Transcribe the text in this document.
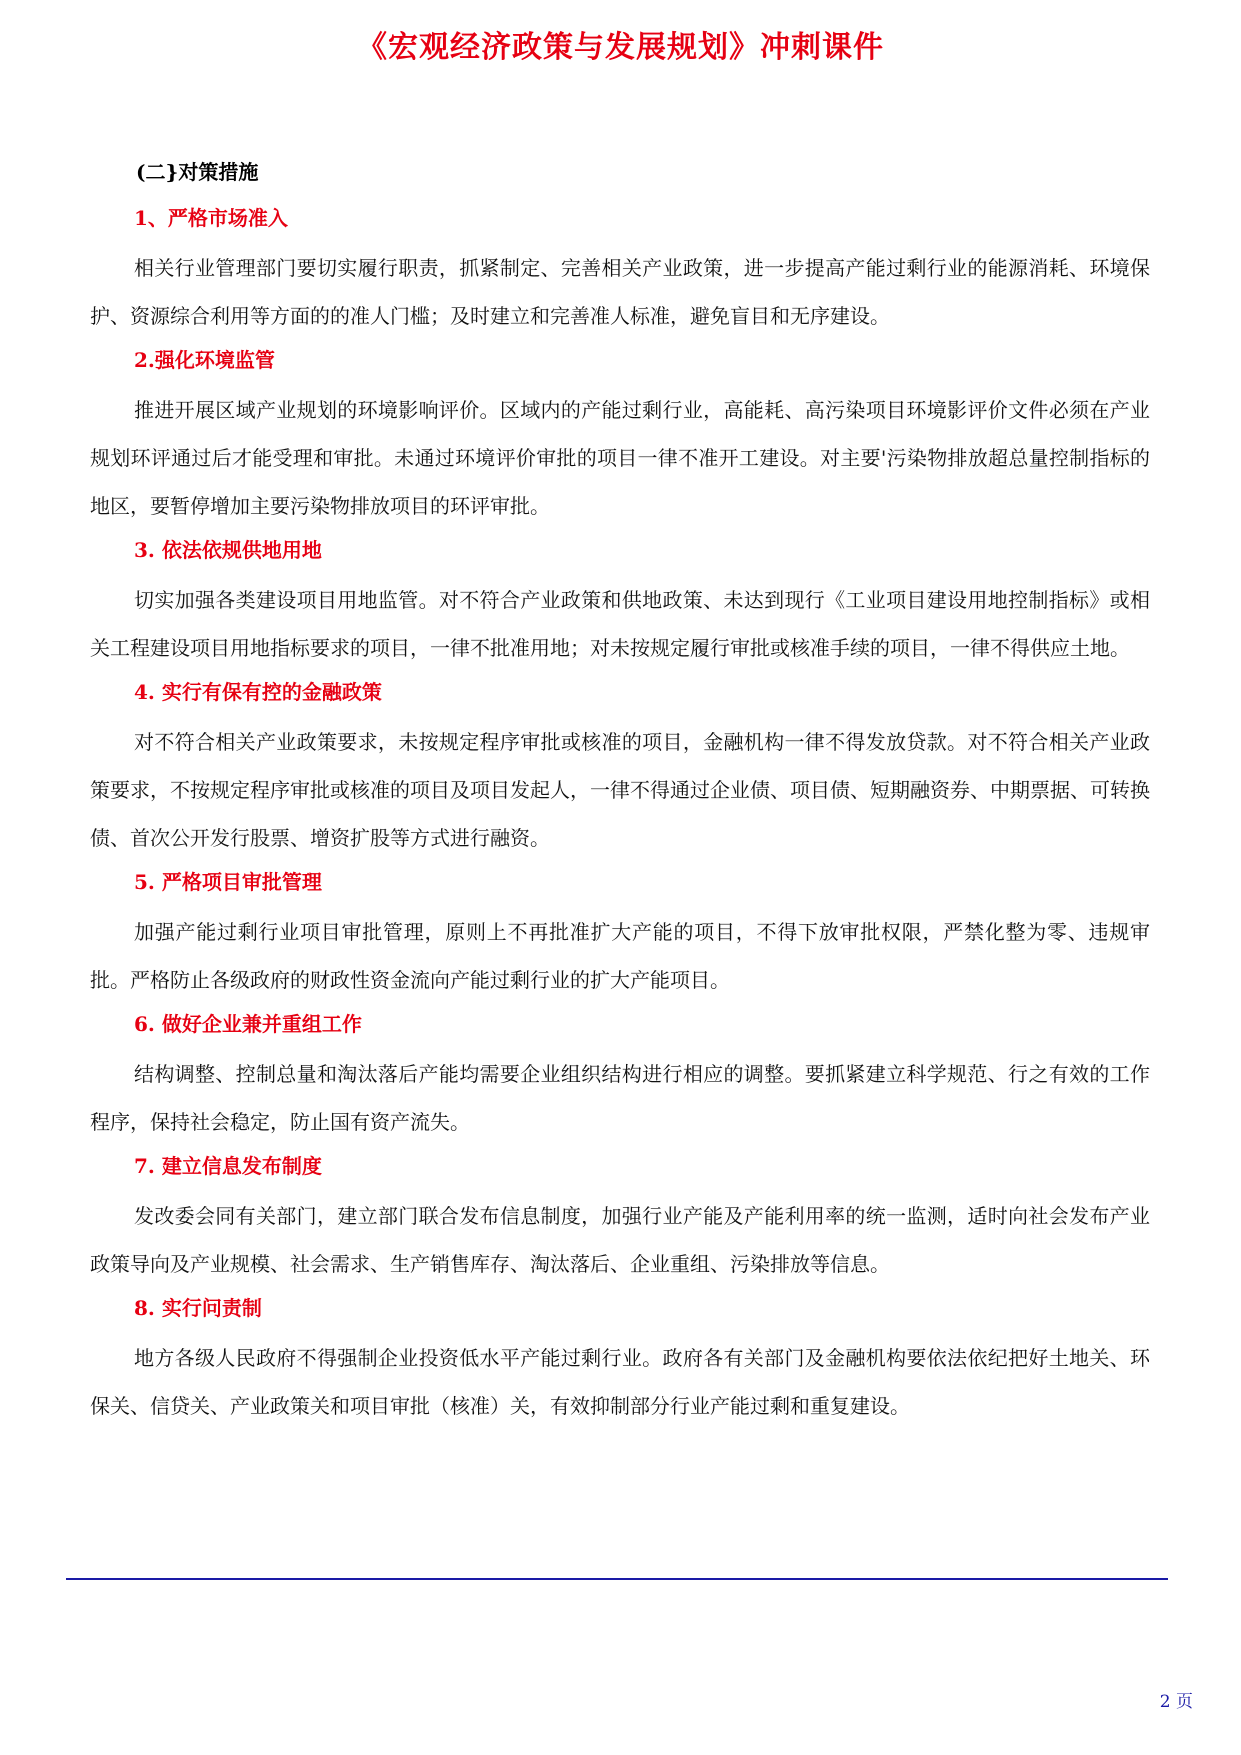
《宏观经济政策与发展规划》冲刺课件
(二}对策措施
1、严格市场准入

相关行业管理部门要切实履行职责，抓紧制定、完善相关产业政策，进一步提高产能过剩行业的能源消耗、环境保护、资源综合利用等方面的的准人门槛；及时建立和完善准人标准，避免盲目和无序建设。

2.强化环境监管

推进开展区域产业规划的环境影响评价。区域内的产能过剩行业，高能耗、高污染项目环境影评价文件必须在产业规划环评通过后才能受理和审批。未通过环境评价审批的项目一律不准开工建设。对主要'污染物排放超总量控制指标的地区，要暂停增加主要污染物排放项目的环评审批。

3. 依法依规供地用地

切实加强各类建设项目用地监管。对不符合产业政策和供地政策、未达到现行《工业项目建设用地控制指标》或相关工程建设项目用地指标要求的项目，一律不批准用地；对未按规定履行审批或核准手续的项目，一律不得供应土地。

4. 实行有保有控的金融政策

对不符合相关产业政策要求，未按规定程序审批或核准的项目，金融机构一律不得发放贷款。对不符合相关产业政策要求，不按规定程序审批或核准的项目及项目发起人，一律不得通过企业债、项目债、短期融资券、中期票据、可转换债、首次公开发行股票、增资扩股等方式进行融资。

5. 严格项目审批管理

加强产能过剩行业项目审批管理，原则上不再批准扩大产能的项目，不得下放审批权限，严禁化整为零、违规审批。严格防止各级政府的财政性资金流向产能过剩行业的扩大产能项目。

6. 做好企业兼并重组工作

结构调整、控制总量和淘汰落后产能均需要企业组织结构进行相应的调整。要抓紧建立科学规范、行之有效的工作程序，保持社会稳定，防止国有资产流失。

7. 建立信息发布制度

发改委会同有关部门，建立部门联合发布信息制度，加强行业产能及产能利用率的统一监测，适时向社会发布产业政策导向及产业规模、社会需求、生产销售库存、淘汰落后、企业重组、污染排放等信息。

8. 实行问责制

地方各级人民政府不得强制企业投资低水平产能过剩行业。政府各有关部门及金融机构要依法依纪把好土地关、环保关、信贷关、产业政策关和项目审批（核准）关，有效抑制部分行业产能过剩和重复建设。

2 页
